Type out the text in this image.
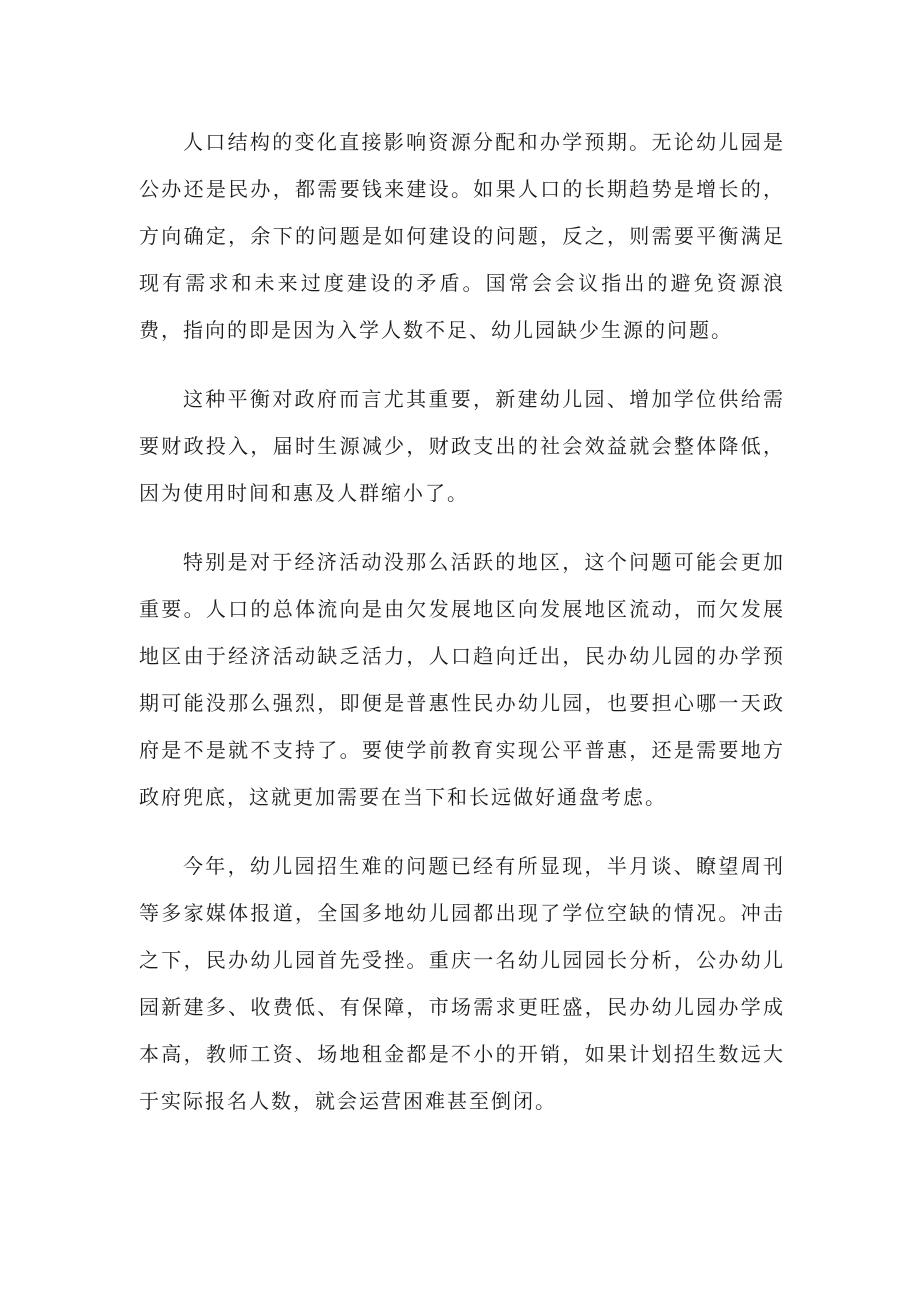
人口结构的变化直接影响资源分配和办学预期。无论幼儿园是公办还是民办，都需要钱来建设。如果人口的长期趋势是增长的，方向确定，余下的问题是如何建设的问题，反之，则需要平衡满足现有需求和未来过度建设的矛盾。国常会会议指出的避免资源浪费，指向的即是因为入学人数不足、幼儿园缺少生源的问题。

这种平衡对政府而言尤其重要，新建幼儿园、增加学位供给需要财政投入，届时生源减少，财政支出的社会效益就会整体降低，因为使用时间和惠及人群缩小了。

特别是对于经济活动没那么活跃的地区，这个问题可能会更加重要。人口的总体流向是由欠发展地区向发展地区流动，而欠发展地区由于经济活动缺乏活力，人口趋向迁出，民办幼儿园的办学预期可能没那么强烈，即便是普惠性民办幼儿园，也要担心哪一天政府是不是就不支持了。要使学前教育实现公平普惠，还是需要地方政府兜底，这就更加需要在当下和长远做好通盘考虑。

今年，幼儿园招生难的问题已经有所显现，半月谈、瞭望周刊等多家媒体报道，全国多地幼儿园都出现了学位空缺的情况。冲击之下，民办幼儿园首先受挫。重庆一名幼儿园园长分析，公办幼儿园新建多、收费低、有保障，市场需求更旺盛，民办幼儿园办学成本高，教师工资、场地租金都是不小的开销，如果计划招生数远大于实际报名人数，就会运营困难甚至倒闭。
